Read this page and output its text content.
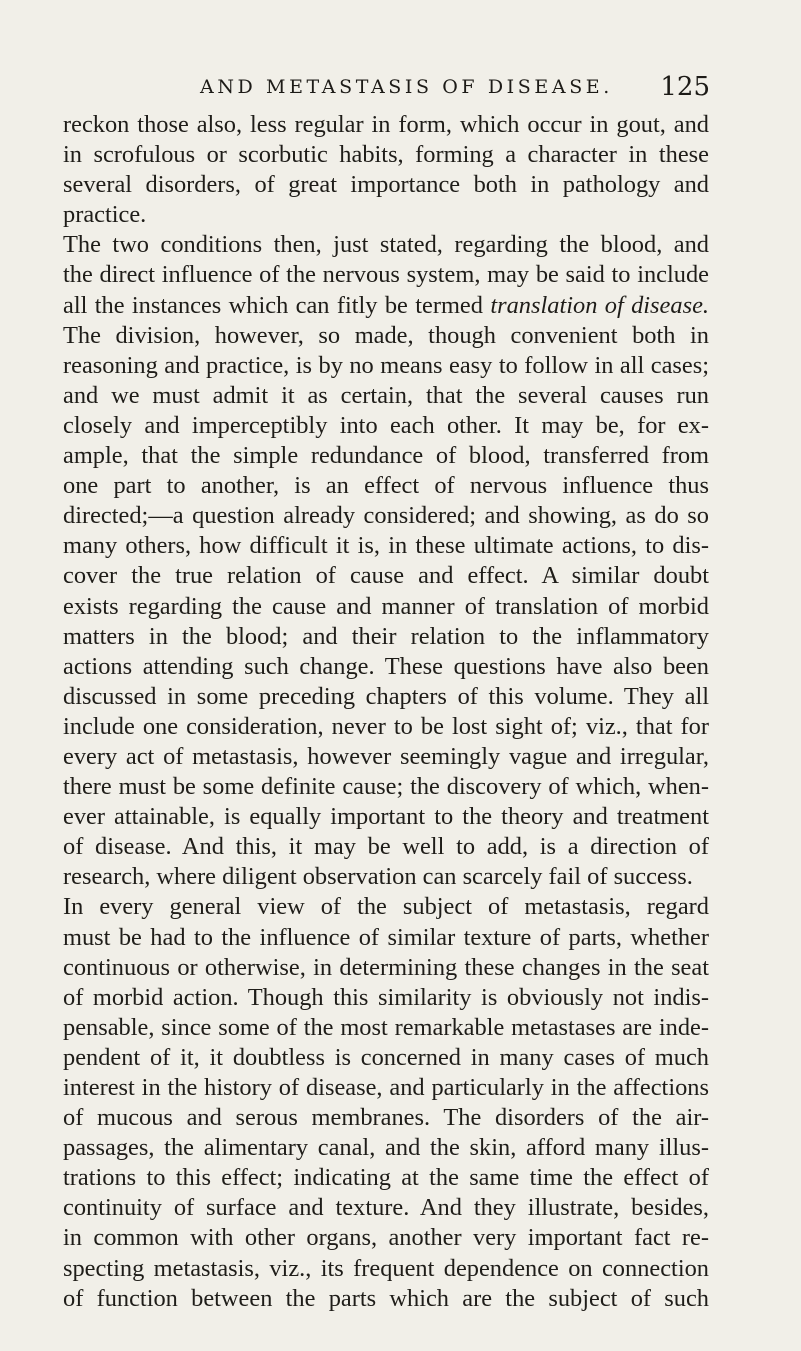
AND METASTASIS OF DISEASE. 125
reckon those also, less regular in form, which occur in gout, and
in scrofulous or scorbutic habits, forming a character in these
several disorders, of great importance both in pathology and
practice.
The two conditions then, just stated, regarding the blood, and
the direct influence of the nervous system, may be said to include
all the instances which can fitly be termed translation of disease.
The division, however, so made, though convenient both in
reasoning and practice, is by no means easy to follow in all cases;
and we must admit it as certain, that the several causes run
closely and imperceptibly into each other. It may be, for ex-
ample, that the simple redundance of blood, transferred from
one part to another, is an effect of nervous influence thus
directed;—a question already considered; and showing, as do so
many others, how difficult it is, in these ultimate actions, to dis-
cover the true relation of cause and effect. A similar doubt
exists regarding the cause and manner of translation of morbid
matters in the blood; and their relation to the inflammatory
actions attending such change. These questions have also been
discussed in some preceding chapters of this volume. They all
include one consideration, never to be lost sight of; viz., that for
every act of metastasis, however seemingly vague and irregular,
there must be some definite cause; the discovery of which, when-
ever attainable, is equally important to the theory and treatment
of disease. And this, it may be well to add, is a direction of
research, where diligent observation can scarcely fail of success.
In every general view of the subject of metastasis, regard
must be had to the influence of similar texture of parts, whether
continuous or otherwise, in determining these changes in the seat
of morbid action. Though this similarity is obviously not indis-
pensable, since some of the most remarkable metastases are inde-
pendent of it, it doubtless is concerned in many cases of much
interest in the history of disease, and particularly in the affections
of mucous and serous membranes. The disorders of the air-
passages, the alimentary canal, and the skin, afford many illus-
trations to this effect; indicating at the same time the effect of
continuity of surface and texture. And they illustrate, besides,
in common with other organs, another very important fact re-
specting metastasis, viz., its frequent dependence on connection
of function between the parts which are the subject of such
